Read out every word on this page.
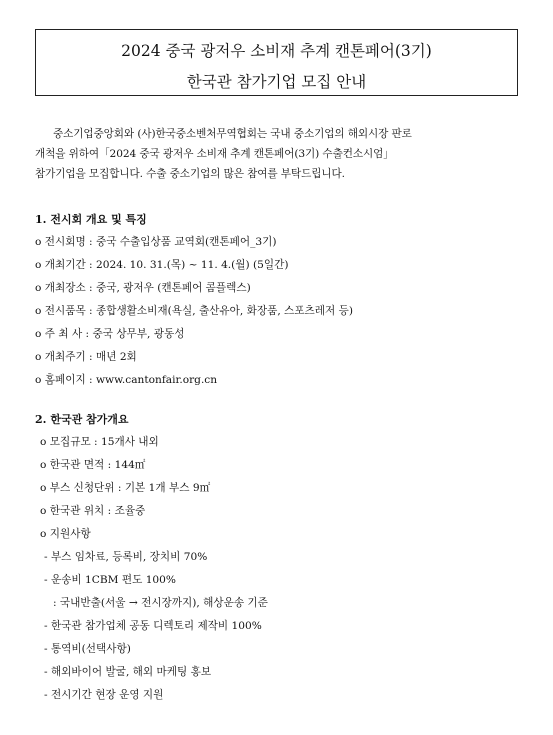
2024 중국 광저우 소비재 추계 캔톤페어(3기)
한국관 참가기업 모집 안내

중소기업중앙회와 (사)한국중소벤처무역협회는 국내 중소기업의 해외시장 판로

개척을 위하여「2024 중국 광저우 소비재 추계 캔톤페어(3기) 수출컨소시엄」

참가기업을 모집합니다. 수출 중소기업의 많은 참여를 부탁드립니다.

1. 전시회 개요 및 특징
o 전시회명 : 중국 수출입상품 교역회(캔톤페어_3기)
o 개최기간 : 2024. 10. 31.(목) ~ 11. 4.(월) (5일간)
o 개최장소 : 중국, 광저우 (캔톤페어 콤플렉스)
o 전시품목 : 종합생활소비재(욕실, 출산유아, 화장품, 스포츠레저 등)
o 주 최 사 : 중국 상무부, 광동성
o 개최주기 : 매년 2회
o 홈페이지 : www.cantonfair.org.cn
2. 한국관 참가개요
o 모집규모 : 15개사 내외
o 한국관 면적 : 144㎡
o 부스 신청단위 : 기본 1개 부스 9㎡
o 한국관 위치 : 조율중
o 지원사항
- 부스 임차료, 등록비, 장치비 70%
- 운송비 1CBM 편도 100%
: 국내반출(서울 → 전시장까지), 해상운송 기준
- 한국관 참가업체 공동 디렉토리 제작비 100%
- 통역비(선택사항)
- 해외바이어 발굴, 해외 마케팅 홍보
- 전시기간 현장 운영 지원
